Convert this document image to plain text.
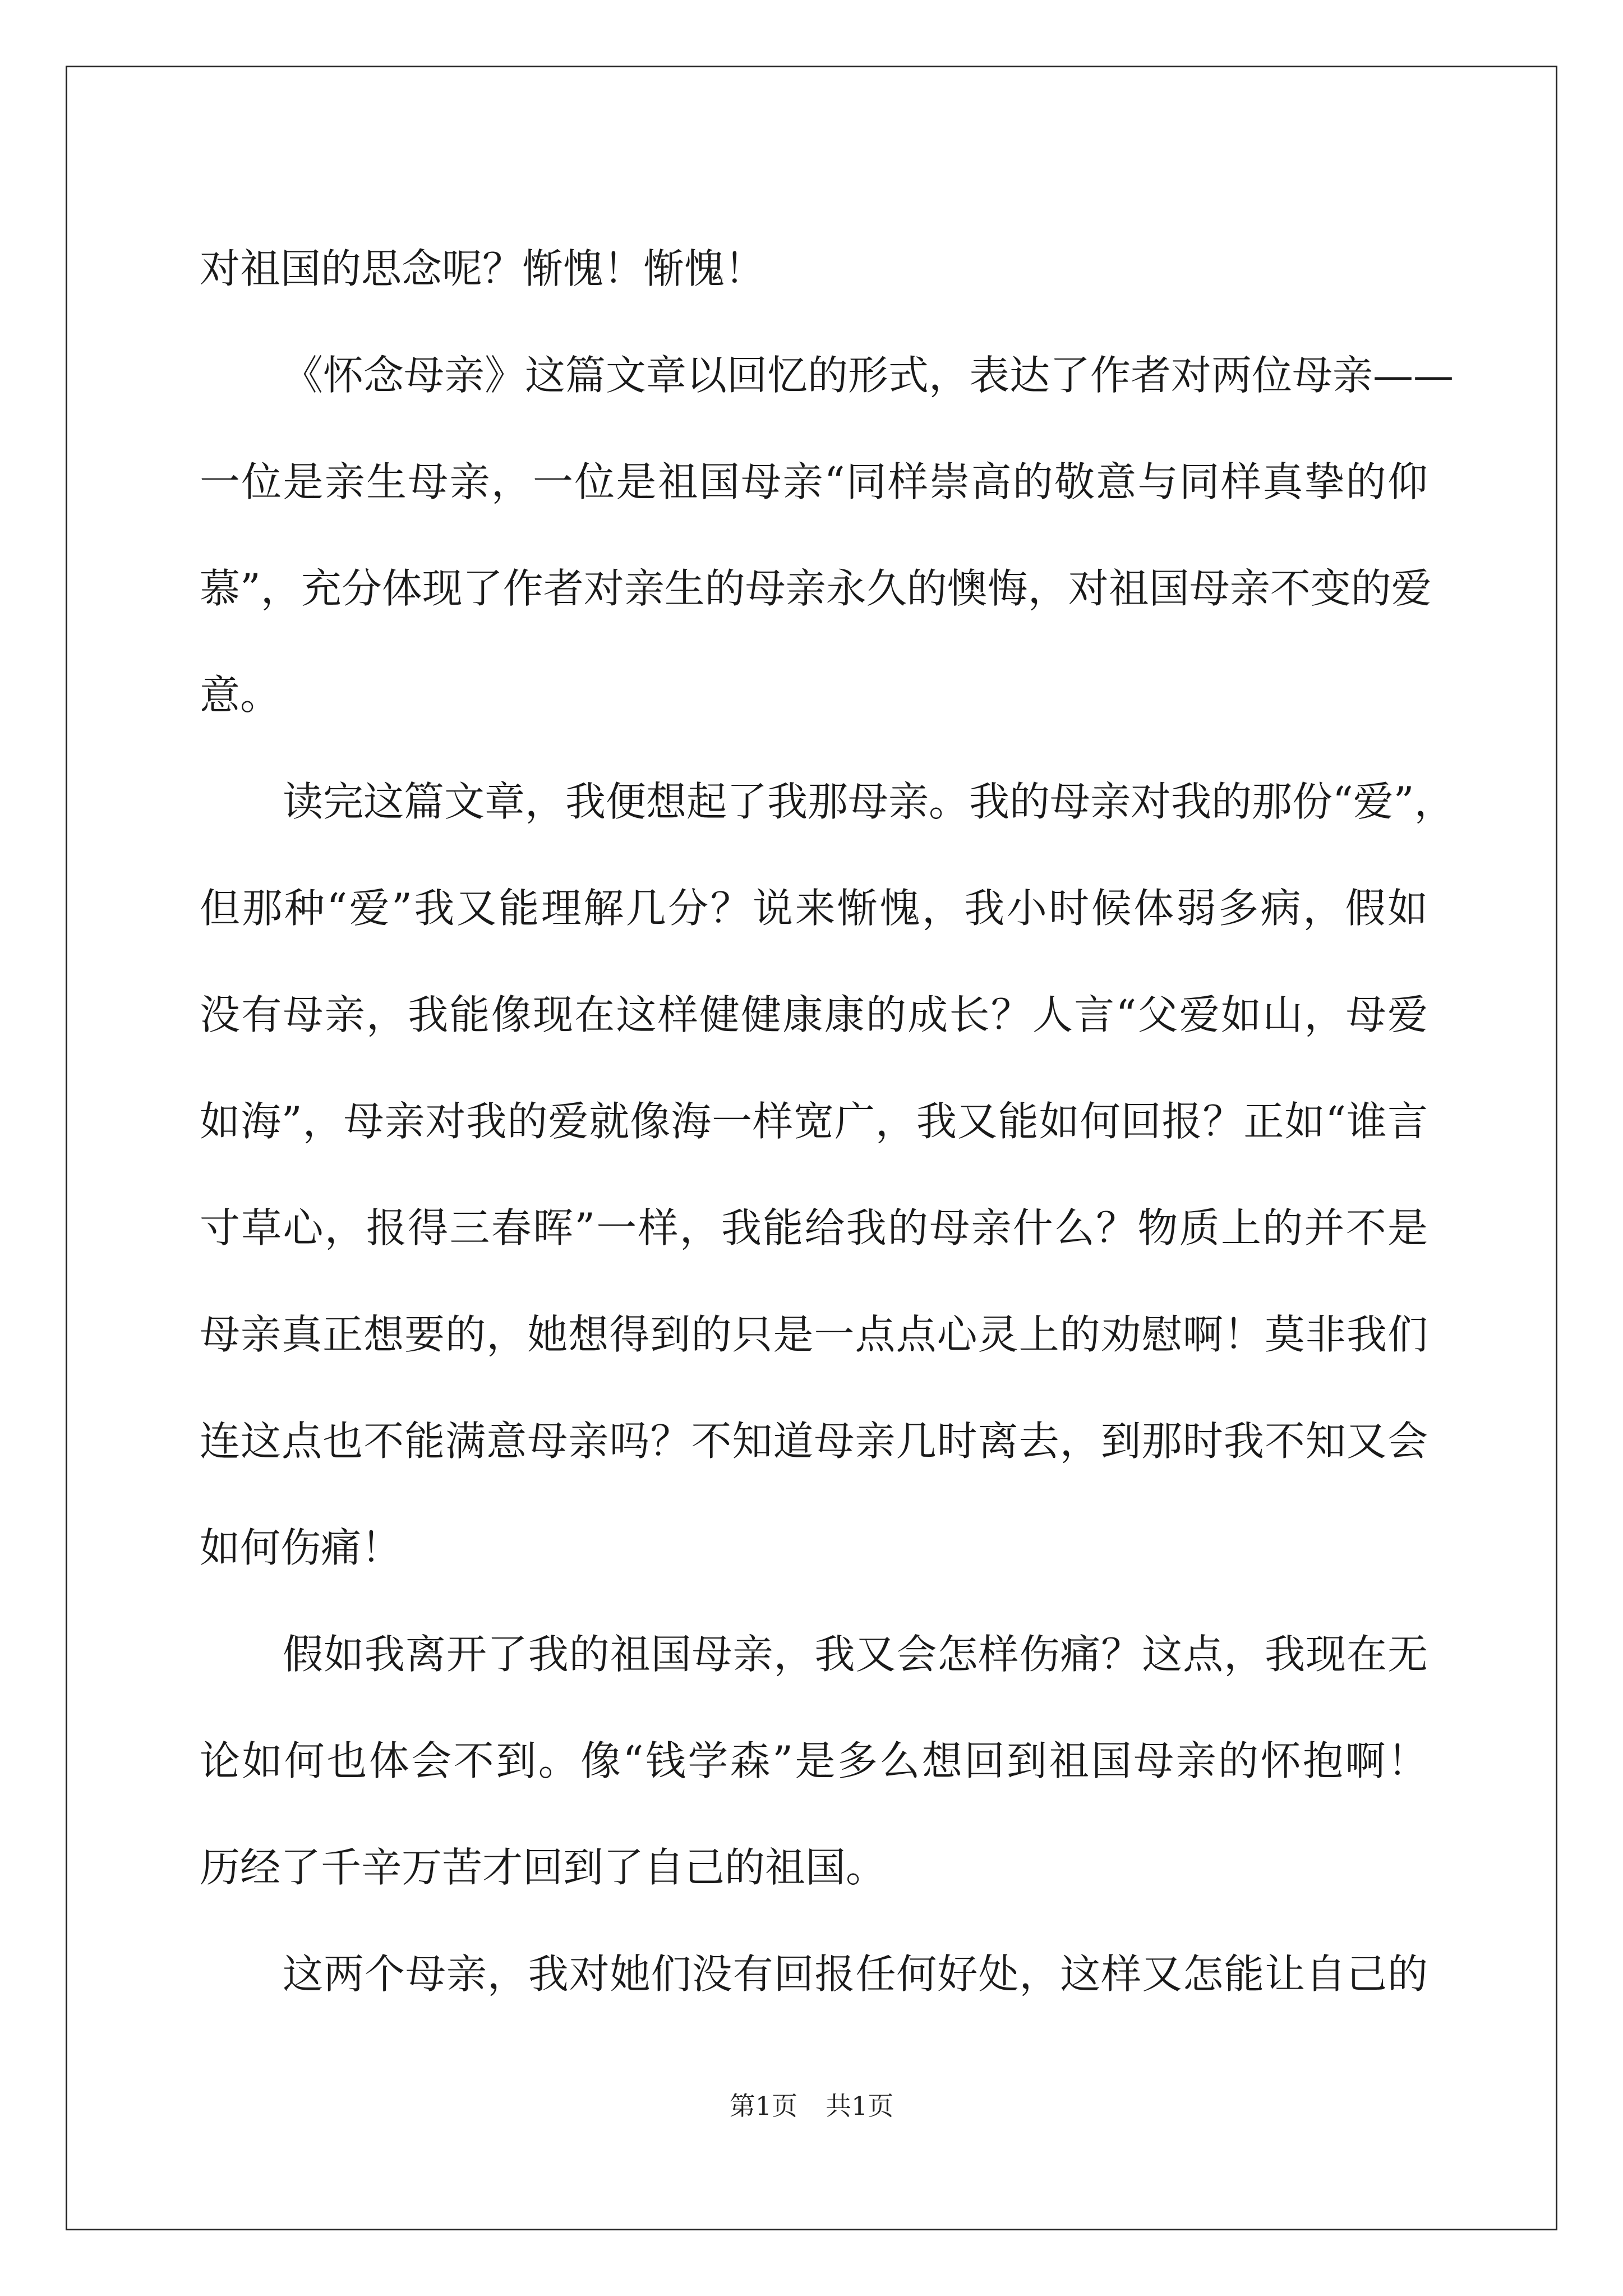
对祖国的思念呢？惭愧！惭愧！
《怀念母亲》这篇文章以回忆的形式，表达了作者对两位母亲——
一位是亲生母亲，一位是祖国母亲“同样崇高的敬意与同样真挚的仰
慕”，充分体现了作者对亲生的母亲永久的懊悔，对祖国母亲不变的爱
意。
读完这篇文章，我便想起了我那母亲。我的母亲对我的那份“爱”，
但那种“爱”我又能理解几分？说来惭愧，我小时候体弱多病，假如
没有母亲，我能像现在这样健健康康的成长？人言“父爱如山，母爱
如海”，母亲对我的爱就像海一样宽广，我又能如何回报？正如“谁言
寸草心，报得三春晖”一样，我能给我的母亲什么？物质上的并不是
母亲真正想要的，她想得到的只是一点点心灵上的劝慰啊！莫非我们
连这点也不能满意母亲吗？不知道母亲几时离去，到那时我不知又会
如何伤痛！
假如我离开了我的祖国母亲，我又会怎样伤痛？这点，我现在无
论如何也体会不到。像“钱学森”是多么想回到祖国母亲的怀抱啊！
历经了千辛万苦才回到了自己的祖国。
这两个母亲，我对她们没有回报任何好处，这样又怎能让自己的
第1页 共1页
